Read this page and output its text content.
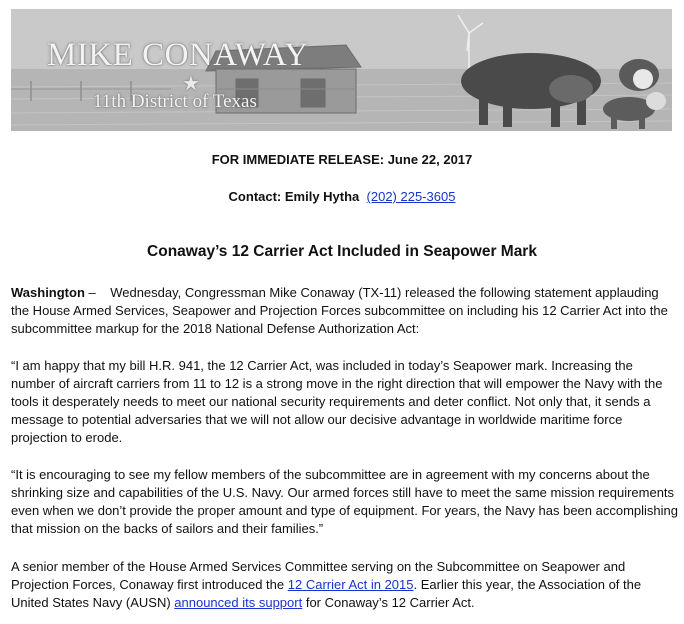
MIKE CONAWAY
★
11th District of Texas

FOR IMMEDIATE RELEASE: June 22, 2017

Contact: Emily Hytha (202) 225-3605

Conaway’s 12 Carrier Act Included in Seapower Mark

Washington –    Wednesday, Congressman Mike Conaway (TX-11) released the following statement applauding the House Armed Services, Seapower and Projection Forces subcommittee on including his 12 Carrier Act into the subcommittee markup for the 2018 National Defense Authorization Act:

“I am happy that my bill H.R. 941, the 12 Carrier Act, was included in today’s Seapower mark. Increasing the number of aircraft carriers from 11 to 12 is a strong move in the right direction that will empower the Navy with the tools it desperately needs to meet our national security requirements and deter conflict. Not only that, it sends a message to potential adversaries that we will not allow our decisive advantage in worldwide maritime force projection to erode.

“It is encouraging to see my fellow members of the subcommittee are in agreement with my concerns about the shrinking size and capabilities of the U.S. Navy. Our armed forces still have to meet the same mission requirements even when we don’t provide the proper amount and type of equipment. For years, the Navy has been accomplishing that mission on the backs of sailors and their families.”

A senior member of the House Armed Services Committee serving on the Subcommittee on Seapower and Projection Forces, Conaway first introduced the 12 Carrier Act in 2015. Earlier this year, the Association of the United States Navy (AUSN) announced its support for Conaway’s 12 Carrier Act.
